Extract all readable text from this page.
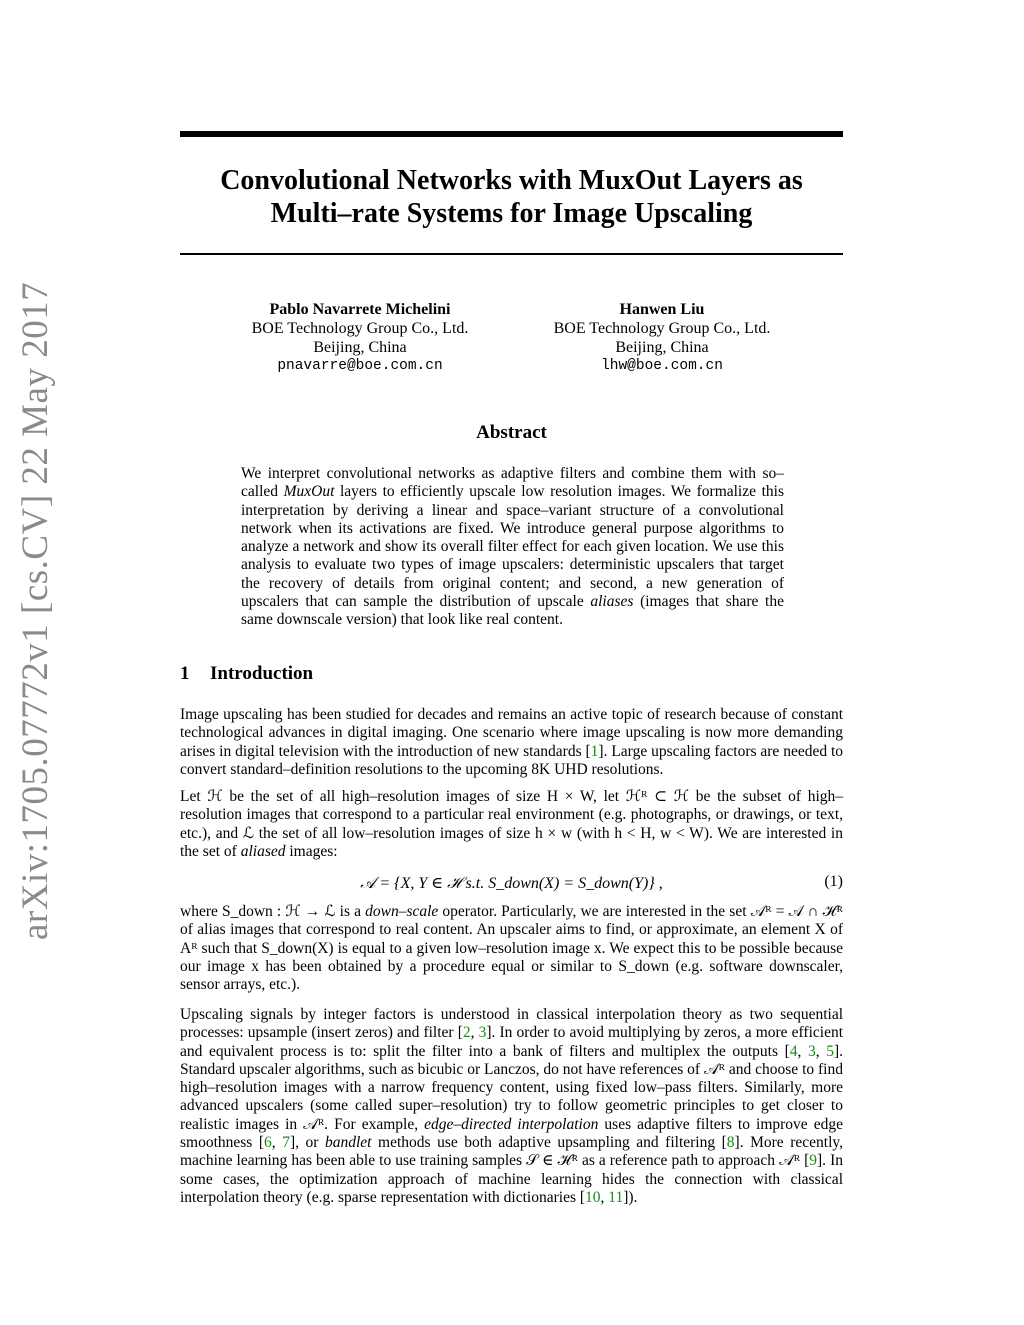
arXiv:1705.07772v1 [cs.CV] 22 May 2017
Convolutional Networks with MuxOut Layers as
Multi–rate Systems for Image Upscaling
Pablo Navarrete Michelini
BOE Technology Group Co., Ltd.
Beijing, China
pnavarre@boe.com.cn
Hanwen Liu
BOE Technology Group Co., Ltd.
Beijing, China
lhw@boe.com.cn
Abstract
We interpret convolutional networks as adaptive filters and combine them with so–called MuxOut layers to efficiently upscale low resolution images. We formalize this interpretation by deriving a linear and space–variant structure of a convolutional network when its activations are fixed. We introduce general purpose algorithms to analyze a network and show its overall filter effect for each given location. We use this analysis to evaluate two types of image upscalers: deterministic upscalers that target the recovery of details from original content; and second, a new generation of upscalers that can sample the distribution of upscale aliases (images that share the same downscale version) that look like real content.
1 Introduction
Image upscaling has been studied for decades and remains an active topic of research because of constant technological advances in digital imaging. One scenario where image upscaling is now more demanding arises in digital television with the introduction of new standards [1]. Large upscaling factors are needed to convert standard–definition resolutions to the upcoming 8K UHD resolutions.
Let ℋ be the set of all high–resolution images of size H × W, let ℋᴿ ⊂ ℋ be the subset of high–resolution images that correspond to a particular real environment (e.g. photographs, or drawings, or text, etc.), and ℒ the set of all low–resolution images of size h × w (with h < H, w < W). We are interested in the set of aliased images:
𝒜 = {X, Y ∈ ℋ s.t. S_down(X) = S_down(Y)} ,	(1)
where S_down : ℋ → ℒ is a down–scale operator. Particularly, we are interested in the set 𝒜ᴿ = 𝒜 ∩ ℋᴿ of alias images that correspond to real content. An upscaler aims to find, or approximate, an element X of Aᴿ such that S_down(X) is equal to a given low–resolution image x. We expect this to be possible because our image x has been obtained by a procedure equal or similar to S_down (e.g. software downscaler, sensor arrays, etc.).
Upscaling signals by integer factors is understood in classical interpolation theory as two sequential processes: upsample (insert zeros) and filter [2, 3]. In order to avoid multiplying by zeros, a more efficient and equivalent process is to: split the filter into a bank of filters and multiplex the outputs [4, 3, 5]. Standard upscaler algorithms, such as bicubic or Lanczos, do not have references of 𝒜ᴿ and choose to find high–resolution images with a narrow frequency content, using fixed low–pass filters. Similarly, more advanced upscalers (some called super–resolution) try to follow geometric principles to get closer to realistic images in 𝒜ᴿ. For example, edge–directed interpolation uses adaptive filters to improve edge smoothness [6, 7], or bandlet methods use both adaptive upsampling and filtering [8]. More recently, machine learning has been able to use training samples 𝒮 ∈ ℋᴿ as a reference path to approach 𝒜ᴿ [9]. In some cases, the optimization approach of machine learning hides the connection with classical interpolation theory (e.g. sparse representation with dictionaries [10, 11]).
